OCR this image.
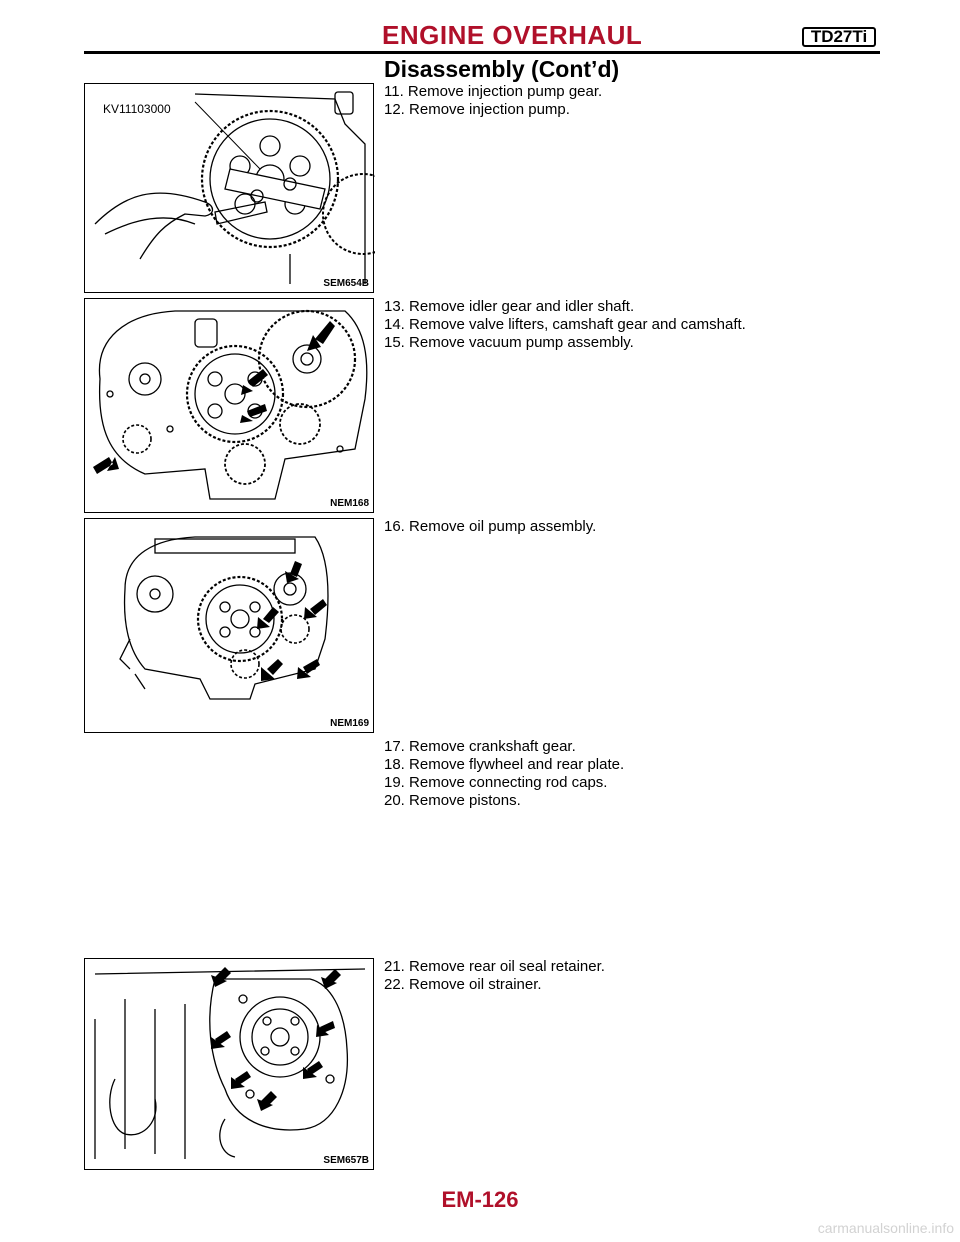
ENGINE OVERHAUL	TD27Ti
Disassembly (Cont’d)
KV11103000
SEM654B
11. Remove injection pump gear.
12. Remove injection pump.
NEM168
13. Remove idler gear and idler shaft.
14. Remove valve lifters, camshaft gear and camshaft.
15. Remove vacuum pump assembly.
NEM169
16. Remove oil pump assembly.
17. Remove crankshaft gear.
18. Remove flywheel and rear plate.
19. Remove connecting rod caps.
20. Remove pistons.
SEM657B
21. Remove rear oil seal retainer.
22. Remove oil strainer.
EM-126
carmanualsonline.info
